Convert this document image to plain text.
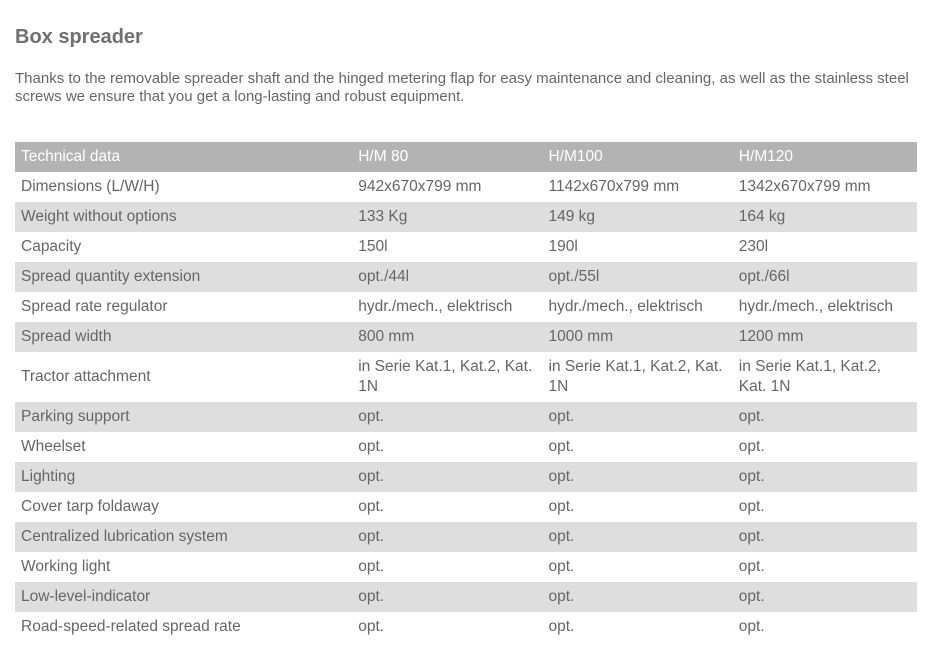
Box spreader

Thanks to the removable spreader shaft and the hinged metering flap for easy maintenance and cleaning, as well as the stainless steel screws we ensure that you get a long-lasting and robust equipment.

Technical data	H/M 80	H/M100	H/M120
Dimensions (L/W/H)	942x670x799 mm	1142x670x799 mm	1342x670x799 mm
Weight without options	133 Kg	149 kg	164 kg
Capacity	150l	190l	230l
Spread quantity extension	opt./44l	opt./55l	opt./66l
Spread rate regulator	hydr./mech., elektrisch	hydr./mech., elektrisch	hydr./mech., elektrisch
Spread width	800 mm	1000 mm	1200 mm
Tractor attachment	in Serie Kat.1, Kat.2, Kat. 1N	in Serie Kat.1, Kat.2, Kat. 1N	in Serie Kat.1, Kat.2, Kat. 1N
Parking support	opt.	opt.	opt.
Wheelset	opt.	opt.	opt.
Lighting	opt.	opt.	opt.
Cover tarp foldaway	opt.	opt.	opt.
Centralized lubrication system	opt.	opt.	opt.
Working light	opt.	opt.	opt.
Low-level-indicator	opt.	opt.	opt.
Road-speed-related spread rate	opt.	opt.	opt.
